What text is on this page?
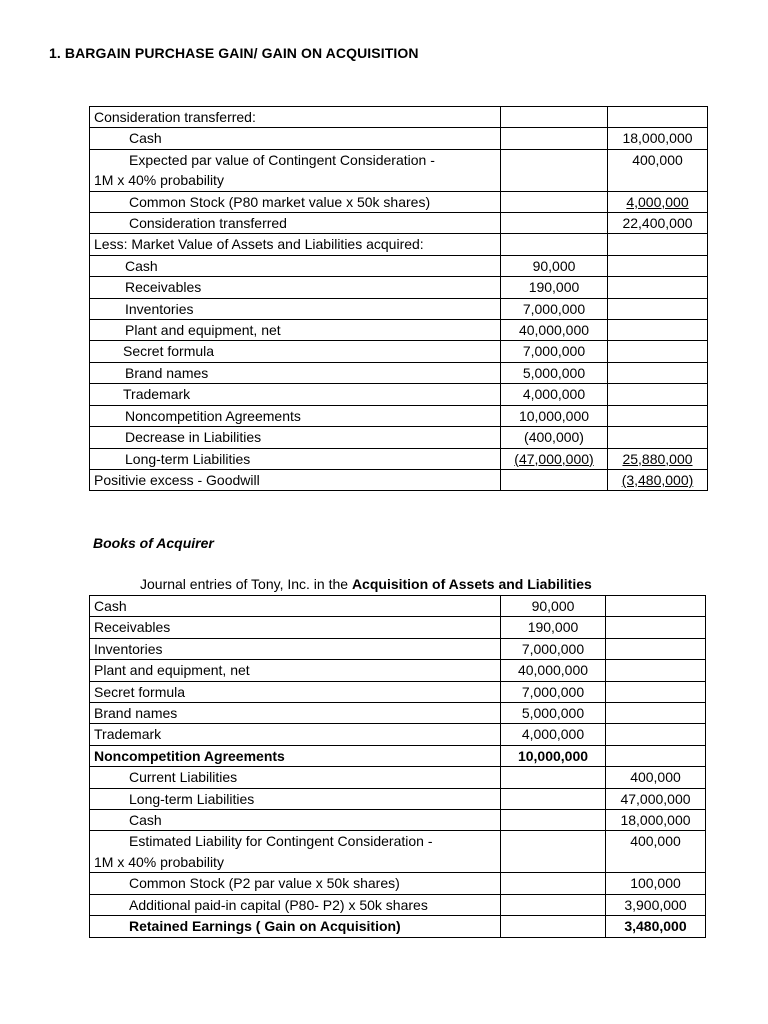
1. BARGAIN PURCHASE GAIN/ GAIN ON ACQUISITION
Consideration transferred:		
Cash		18,000,000

Expected par value of Contingent Consideration -
1M x 40% probability		400,000
Common Stock (P80 market value x 50k shares)		4,000,000
Consideration transferred		22,400,000
Less: Market Value of Assets and Liabilities acquired:		
Cash	90,000	
Receivables	190,000	
Inventories	7,000,000	
Plant and equipment, net	40,000,000	
Secret formula	7,000,000	
Brand names	5,000,000	
Trademark	4,000,000	
Noncompetition Agreements	10,000,000	
Decrease in Liabilities	(400,000)	
Long-term Liabilities	(47,000,000)	25,880,000
Positivie excess - Goodwill		(3,480,000)
Books of Acquirer
Journal entries of Tony, Inc. in the Acquisition of Assets and Liabilities
Cash	90,000	
Receivables	190,000	
Inventories	7,000,000	
Plant and equipment, net	40,000,000	
Secret formula	7,000,000	
Brand names	5,000,000	
Trademark	4,000,000	
Noncompetition Agreements	10,000,000	
Current Liabilities		400,000
Long-term Liabilities		47,000,000
Cash		18,000,000

Estimated Liability for Contingent Consideration -
1M x 40% probability		400,000
Common Stock (P2 par value x 50k shares)		100,000
Additional paid-in capital (P80- P2) x 50k shares		3,900,000
Retained Earnings ( Gain on Acquisition)		3,480,000
